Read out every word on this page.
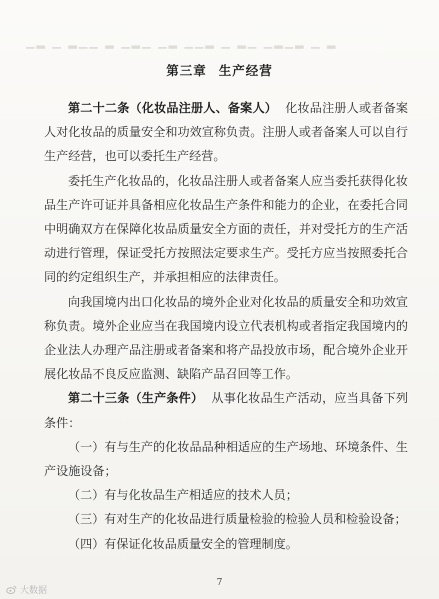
▁▂ ▁ ▂▁▁ ▂ ▁▂▁ ▁▂ ▁▁▂ ▁ ▂▁ ▁▂▁▂ ▁ ▂
第三章 生产经营

第二十二条（化妆品注册人、备案人） 化妆品注册人或者备案人对化妆品的质量安全和功效宣称负责。注册人或者备案人可以自行生产经营，也可以委托生产经营。

委托生产化妆品的，化妆品注册人或者备案人应当委托获得化妆品生产许可证并具备相应化妆品生产条件和能力的企业，在委托合同中明确双方在保障化妆品质量安全方面的责任，并对受托方的生产活动进行管理，保证受托方按照法定要求生产。受托方应当按照委托合同的约定组织生产，并承担相应的法律责任。

向我国境内出口化妆品的境外企业对化妆品的质量安全和功效宣称负责。境外企业应当在我国境内设立代表机构或者指定我国境内的企业法人办理产品注册或者备案和将产品投放市场，配合境外企业开展化妆品不良反应监测、缺陷产品召回等工作。

第二十三条（生产条件） 从事化妆品生产活动，应当具备下列条件：

（一）有与生产的化妆品品种相适应的生产场地、环境条件、生产设施设备；

（二）有与化妆品生产相适应的技术人员；

（三）有对生产的化妆品进行质量检验的检验人员和检验设备；

（四）有保证化妆品质量安全的管理制度。

7
大数据
